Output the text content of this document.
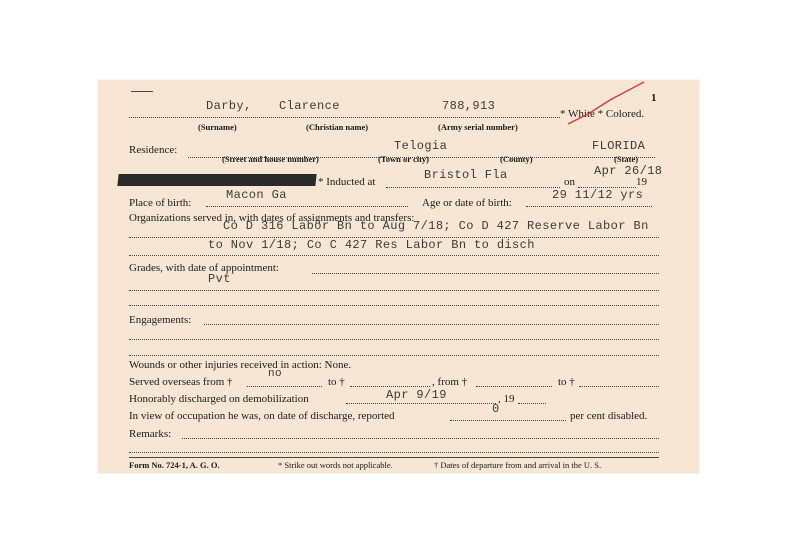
1
Darby, Clarence	788,913
* White * Colored.
(Surname)	(Christian name)	(Army serial number)
Residence:	Telogia	FLORIDA
(Street and house number)	(Town or city)	(County)	(State)
* Inducted at	Bristol Fla	on
Apr 26/18
19
Place of birth:
Macon Ga
Age or date of birth:
29 11/12 yrs
Organizations served in, with dates of assignments and transfers:
Co D 316 Labor Bn to Aug 7/18; Co D 427 Reserve Labor Bn
to Nov 1/18; Co C 427 Res Labor Bn to disch
Grades, with date of appointment:
Pvt
Engagements:
Wounds or other injuries received in action: None.
Served overseas from †
no
to †	, from †	to †
Honorably discharged on demobilization	Apr 9/19	, 19
In view of occupation he was, on date of discharge, reported	0	per cent disabled.
Remarks:
Form No. 724-1, A. G. O.	* Strike out words not applicable.	† Dates of departure from and arrival in the U. S.
